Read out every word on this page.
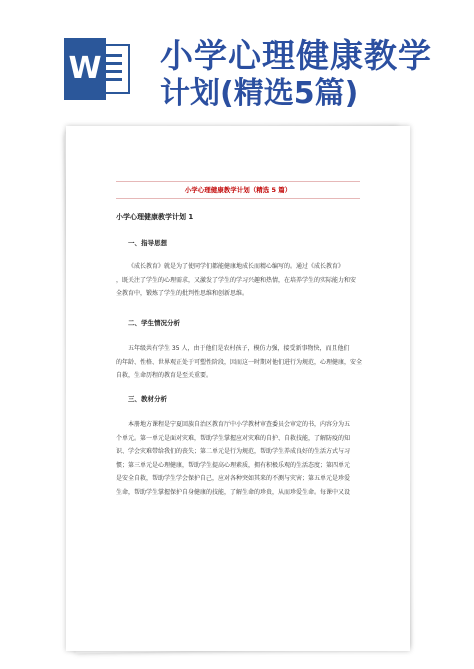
W 小学心理健康教学
计划(精选5篇)
小学心理健康教学计划（精选 5 篇）
小学心理健康教学计划 1
一、指导思想

《成长教育》就是为了使同学们都能健康地成长而精心编写的。通过《成长教育》

，既关注了学生的心理需求，又激发了学生的学习兴趣和热情，在培养学生的实际能力和安

全教育中，锻炼了学生的批判性思维和创新思维。

二、学生情况分析

五年级共有学生 35 人，由于他们是农村孩子，模仿力强，接受新事物快，而且他们

的年龄、性格、世界观正处于可塑性阶段，因而这一时期对他们进行为规范，心理健康，安全

自救，生命历程的教育是至关重要。

三、教材分析

本册地方课程是宁夏回族自治区教育厅中小学教材审查委员会审定的书，内容分为五

个单元。第一单元是面对灾难，帮助学生掌握应对灾难的自护、自救技能，了解防疫的知

识、学会灾难带给我们的丧失；第二单元是行为规范，帮助学生养成良好的生活方式与习

惯；第三单元是心理健康，帮助学生提高心理素质，拥有积极乐观的生活态度；第四单元

是安全自救，帮助学生学会保护自己，应对各种突如其来的不测与灾害；第五单元是珍爱

生命，帮助学生掌握保护自身健康的技能，了解生命的珍贵，从而珍爱生命。每课中又设
